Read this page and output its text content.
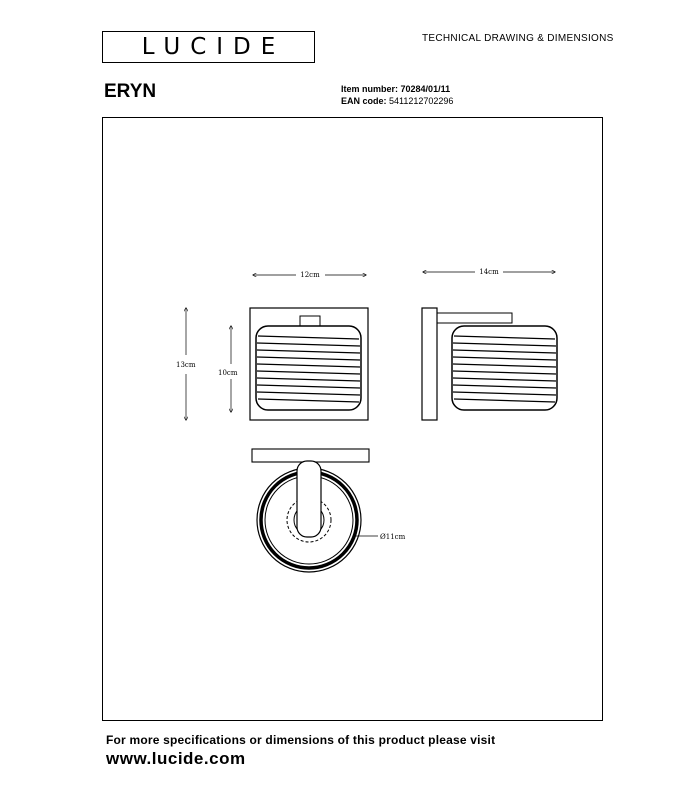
LUCIDE	TECHNICAL DRAWING & DIMENSIONS
ERYN	Item number: 70284/01/11
EAN code: 5411212702296
12cm
13cm
10cm
14cm
Ø11cm
For more specifications or dimensions of this product please visit
www.lucide.com
